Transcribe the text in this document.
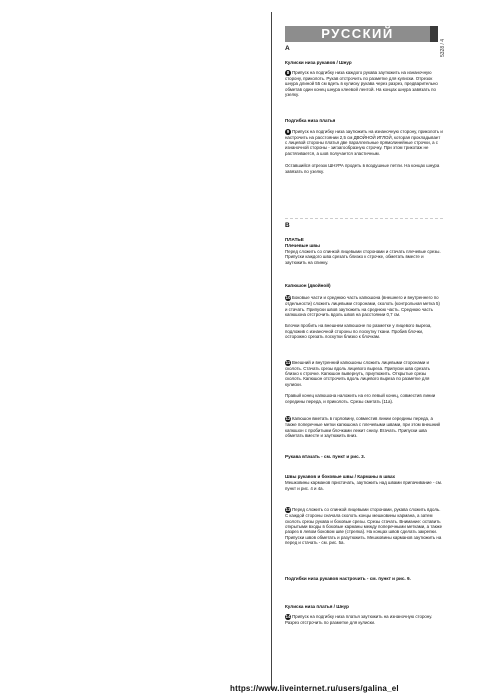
РУССКИЙ
5328 / 4

A

Кулиски низа рукавов / Шнур

8 Припуск на подгибку низа каждого рукава заутюжить на изнаночную сторону, приколоть. Рукав отстрочить по разметке для кулиски. Отрезок шнура длиной 55 см вдеть в кулиску рукава через разрез, предварительно обметав один конец шнура клеевой лентой. На концах шнура завязать по узелку.

Подгибка низа платья

9 Припуск на подгибку низа заутюжить на изнаночную сторону, приколоть и настрочить на расстоянии 2,5 см ДВОЙНОЙ ИГЛОЙ, которая прокладывает с лицевой стороны платья две параллельные прямолинейные строчки, а с изнаночной стороны - зигзагообразную строчку. При этом трикотаж не растягивается, а шов получается эластичным.

Оставшийся отрезок ШНУРА продеть в воздушные петли. На концах шнура завязать по узелку.

B

ПЛАТЬЕ

Плечевые швы

Перед сложить со спинкой лицевыми сторонами и стачать плечевые срезы. Припуски каждого шва срезать близко к строчке, обметать вместе и заутюжить на спинку.

Капюшон (двойной)

10 Боковые части и среднюю часть капюшона (внешнего и внутреннего по отдельности) сложить лицевыми сторонами, сколоть (контрольная метка 5) и стачать. Припуски швов заутюжить на среднюю часть. Среднюю часть капюшона отстрочить вдоль швов на расстоянии 0,7 см.

Блочки пробить на внешнем капюшоне по разметке у лицевого выреза, подложив с изнаночной стороны по лоскутку ткани. Пробив блочки, осторожно срезать лоскутки близко к блочкам.

11 Внешний и внутренний капюшоны сложить лицевыми сторонами и сколоть. Стачать срезы вдоль лицевого выреза. Припуски шва срезать близко к строчке. Капюшон вывернуть, приутюжить. Открытые срезы сколоть. Капюшон отстрочить вдоль лицевого выреза по разметке для кулиски.

Правый конец капюшона наложить на его левый конец, совместив линии середины переда, и приколоть. Срезы сметать (11а).

12 Капюшон вметать в горловину, совместив линии середины переда, а также поперечные метки капюшона с плечевыми швами, при этом внешний капюшон с пробитыми блочками лежит снизу. Втачать. Припуски шва обметать вместе и заутюжить вниз.

Рукава втачать - см. пункт и рис. 3.

Швы рукавов и боковые швы / Карманы в швах

Мешковины карманов пристачать, заутюжить над швами припачивание - см. пункт и рис. 4 и 4а.

13 Перед сложить со спинкой лицевыми сторонами, рукава сложить вдоль. С каждой стороны сначала сколоть концы мешковины кармана, а затем сколоть срезы рукава и боковые срезы. Срезы стачать. Внимание: оставить открытыми входы в боковые карманы между поперечными метками, а также разрез в левом боковом шве (стрелка). На концах швов сделать закрепки. Припуски швов обметать и разутюжить. Мешковины карманов заутюжить на перед и стачать - см. рис. 5а.

Подгибки низа рукавов настрочить - см. пункт и рис. 9.

Кулиска низа платья / Шнур

14 Припуск на подгибку низа платья заутюжить на изнаночную сторону. Разрез отстрочить по разметке для кулиски.

https://www.liveinternet.ru/users/galina_el
